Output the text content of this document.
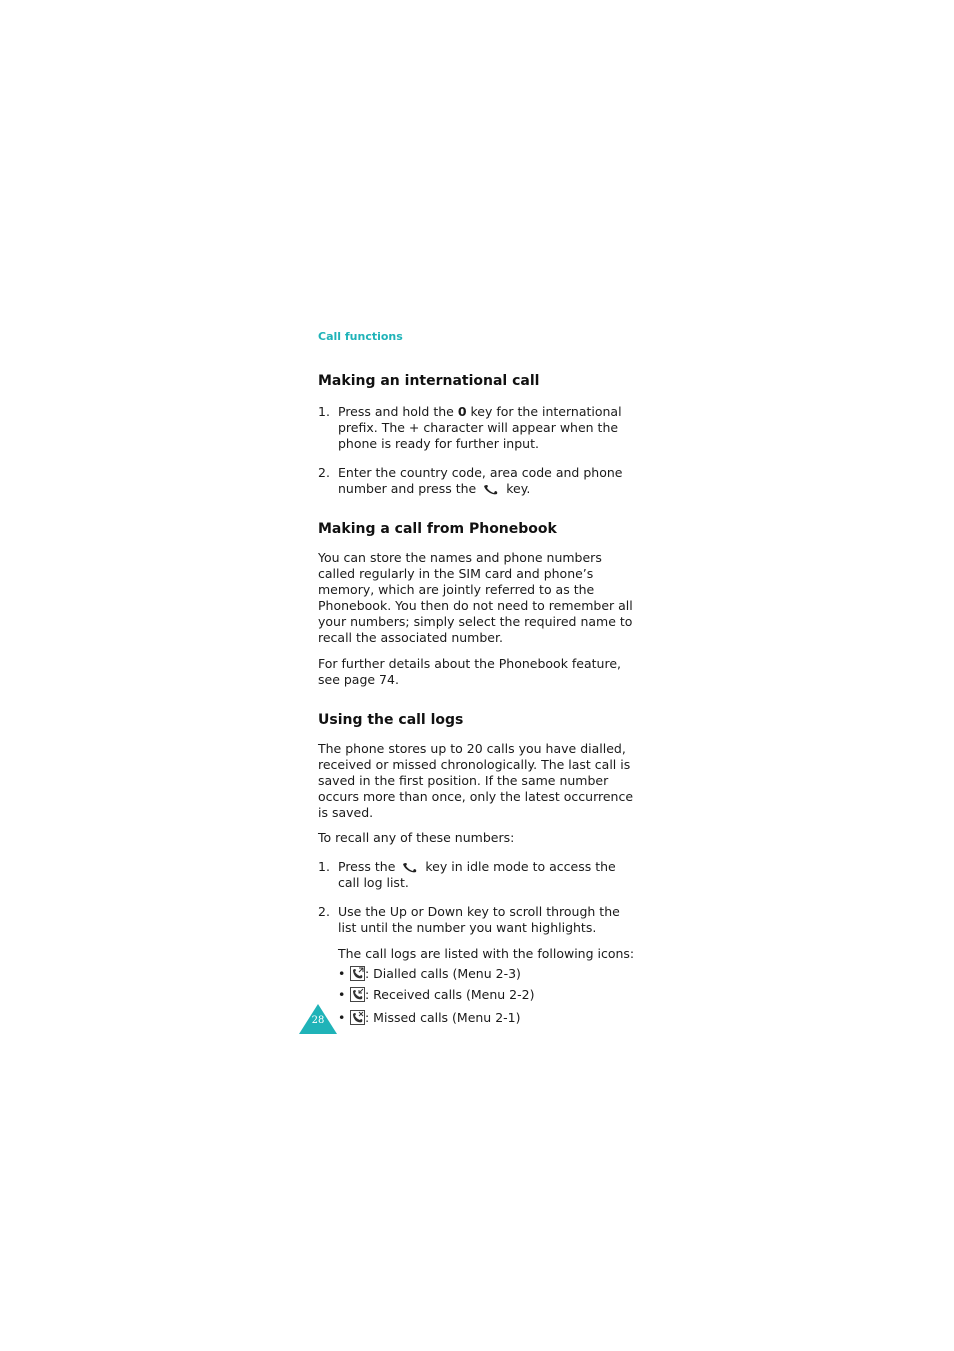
Call functions
Making an international call
1. Press and hold the 0 key for the international prefix. The + character will appear when the phone is ready for further input.
2. Enter the country code, area code and phone number and press the key.
Making a call from Phonebook

You can store the names and phone numbers called regularly in the SIM card and phone’s memory, which are jointly referred to as the Phonebook. You then do not need to remember all your numbers; simply select the required name to recall the associated number.

For further details about the Phonebook feature, see page 74.

Using the call logs

The phone stores up to 20 calls you have dialled, received or missed chronologically. The last call is saved in the first position. If the same number occurs more than once, only the latest occurrence is saved.

To recall any of these numbers:

1. Press the key in idle mode to access the call log list.
2. Use the Up or Down key to scroll through the list until the number you want highlights.

The call logs are listed with the following icons:

• : Dialled calls (Menu 2-3)
• : Received calls (Menu 2-2)
• : Missed calls (Menu 2-1)
28
